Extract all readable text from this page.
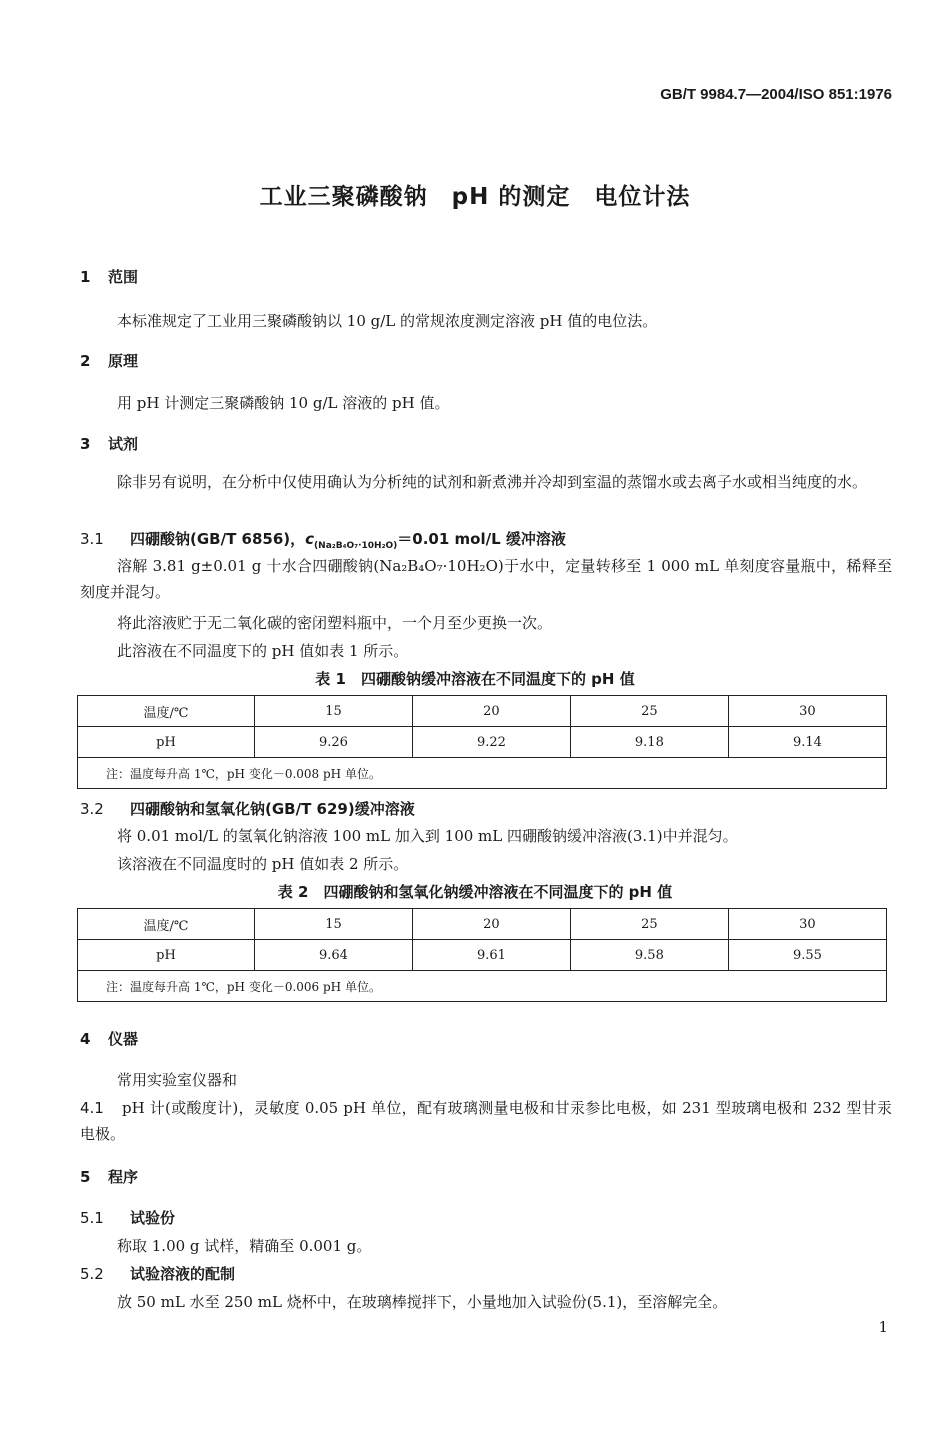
GB/T 9984.7—2004/ISO 851:1976
工业三聚磷酸钠　pH 的测定　电位计法
1 范围
本标准规定了工业用三聚磷酸钠以 10 g/L 的常规浓度测定溶液 pH 值的电位法。
2 原理
用 pH 计测定三聚磷酸钠 10 g/L 溶液的 pH 值。
3 试剂
除非另有说明，在分析中仅使用确认为分析纯的试剂和新煮沸并冷却到室温的蒸馏水或去离子水或相当纯度的水。
3.1 四硼酸钠(GB/T 6856)，$c_{(Na_2B_4O_7\cdot 10H_2O)}=0.01$ mol/L 缓冲溶液
溶解 3.81 g±0.01 g 十水合四硼酸钠(Na₂B₄O₇·10H₂O)于水中，定量转移至 1 000 mL 单刻度容量瓶中，稀释至刻度并混匀。
将此溶液贮于无二氧化碳的密闭塑料瓶中，一个月至少更换一次。
此溶液在不同温度下的 pH 值如表 1 所示。
表 1　四硼酸钠缓冲溶液在不同温度下的 pH 值
温度/℃	15	20	25	30
pH	9.26	9.22	9.18	9.14
注：温度每升高 1℃，pH 变化－0.008 pH 单位。				
3.2 四硼酸钠和氢氧化钠(GB/T 629)缓冲溶液
将 0.01 mol/L 的氢氧化钠溶液 100 mL 加入到 100 mL 四硼酸钠缓冲溶液(3.1)中并混匀。
该溶液在不同温度时的 pH 值如表 2 所示。
表 2　四硼酸钠和氢氧化钠缓冲溶液在不同温度下的 pH 值
温度/℃	15	20	25	30
pH	9.64	9.61	9.58	9.55
注：温度每升高 1℃，pH 变化－0.006 pH 单位。				
4 仪器
常用实验室仪器和
4.1 pH 计(或酸度计)，灵敏度 0.05 pH 单位，配有玻璃测量电极和甘汞参比电极，如 231 型玻璃电极和 232 型甘汞电极。
5 程序
5.1 试验份
称取 1.00 g 试样，精确至 0.001 g。
5.2 试验溶液的配制
放 50 mL 水至 250 mL 烧杯中，在玻璃棒搅拌下，小量地加入试验份(5.1)，至溶解完全。
1
